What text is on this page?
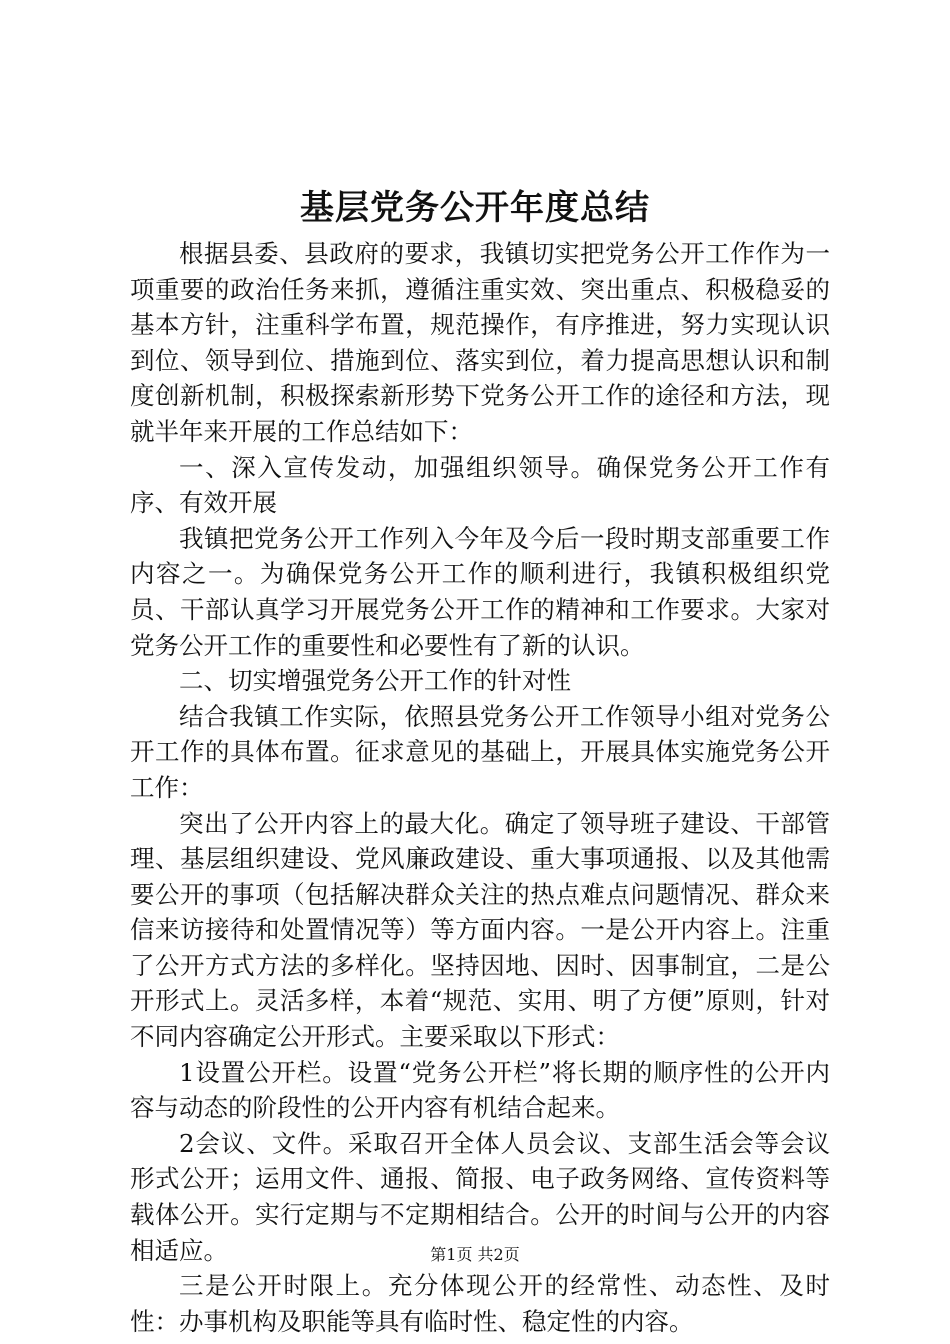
基层党务公开年度总结

根据县委、县政府的要求，我镇切实把党务公开工作作为一项重要的政治任务来抓，遵循注重实效、突出重点、积极稳妥的基本方针，注重科学布置，规范操作，有序推进，努力实现认识到位、领导到位、措施到位、落实到位，着力提高思想认识和制度创新机制，积极探索新形势下党务公开工作的途径和方法，现就半年来开展的工作总结如下：

一、深入宣传发动，加强组织领导。确保党务公开工作有序、有效开展

我镇把党务公开工作列入今年及今后一段时期支部重要工作内容之一。为确保党务公开工作的顺利进行，我镇积极组织党员、干部认真学习开展党务公开工作的精神和工作要求。大家对党务公开工作的重要性和必要性有了新的认识。

二、切实增强党务公开工作的针对性

结合我镇工作实际，依照县党务公开工作领导小组对党务公开工作的具体布置。征求意见的基础上，开展具体实施党务公开工作：

突出了公开内容上的最大化。确定了领导班子建设、干部管理、基层组织建设、党风廉政建设、重大事项通报、以及其他需要公开的事项（包括解决群众关注的热点难点问题情况、群众来信来访接待和处置情况等）等方面内容。一是公开内容上。注重了公开方式方法的多样化。坚持因地、因时、因事制宜，二是公开形式上。灵活多样，本着“规范、实用、明了方便”原则，针对不同内容确定公开形式。主要采取以下形式：

1设置公开栏。设置“党务公开栏”将长期的顺序性的公开内容与动态的阶段性的公开内容有机结合起来。

2会议、文件。采取召开全体人员会议、支部生活会等会议形式公开；运用文件、通报、简报、电子政务网络、宣传资料等载体公开。实行定期与不定期相结合。公开的时间与公开的内容相适应。

三是公开时限上。充分体现公开的经常性、动态性、及时性：办事机构及职能等具有临时性、稳定性的内容。

第1页 共2页
